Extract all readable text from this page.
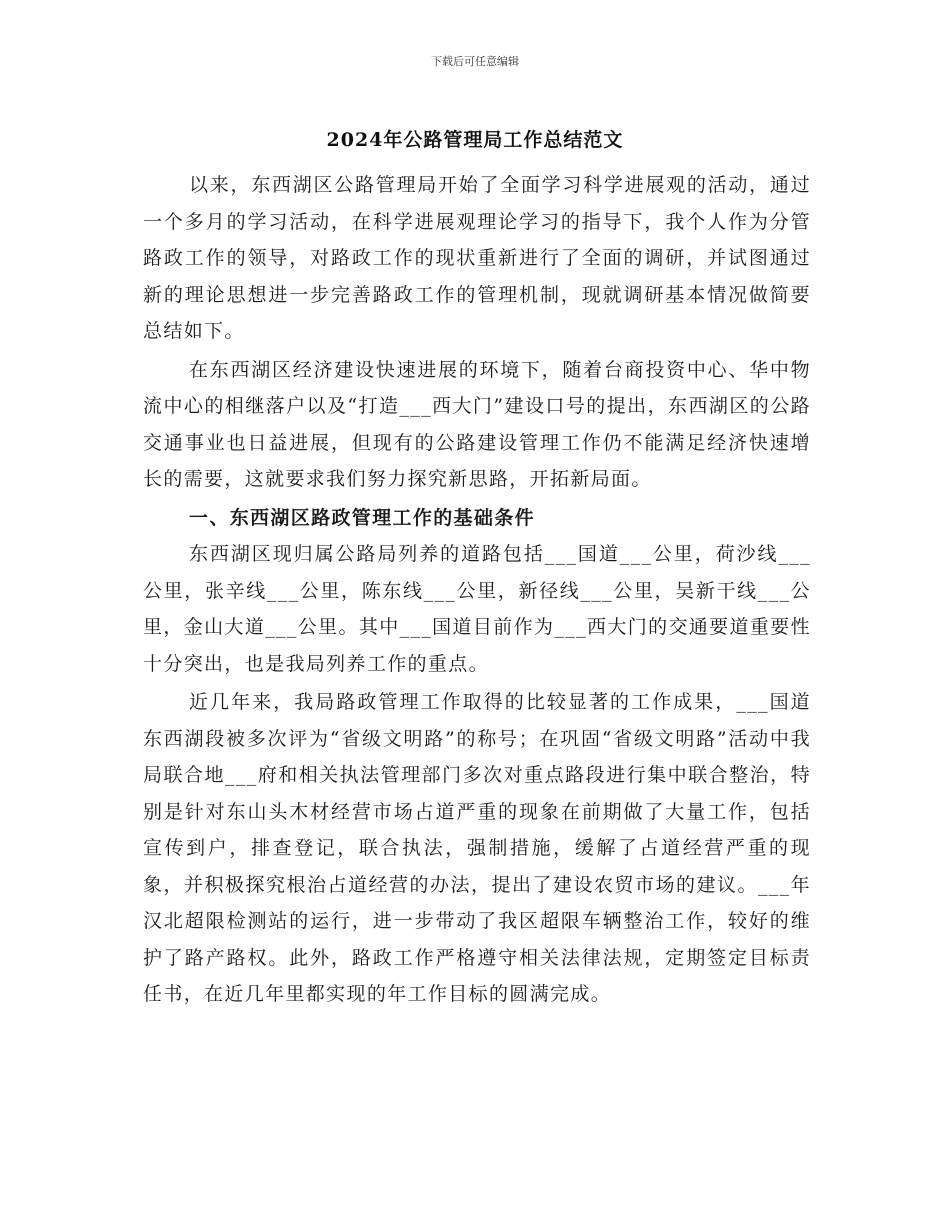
下载后可任意编辑
2024年公路管理局工作总结范文

以来，东西湖区公路管理局开始了全面学习科学进展观的活动，通过一个多月的学习活动，在科学进展观理论学习的指导下，我个人作为分管路政工作的领导，对路政工作的现状重新进行了全面的调研，并试图通过新的理论思想进一步完善路政工作的管理机制，现就调研基本情况做简要总结如下。

在东西湖区经济建设快速进展的环境下，随着台商投资中心、华中物流中心的相继落户以及“打造___西大门”建设口号的提出，东西湖区的公路交通事业也日益进展，但现有的公路建设管理工作仍不能满足经济快速增长的需要，这就要求我们努力探究新思路，开拓新局面。

一、东西湖区路政管理工作的基础条件

东西湖区现归属公路局列养的道路包括___国道___公里，荷沙线___公里，张辛线___公里，陈东线___公里，新径线___公里，吴新干线___公里，金山大道___公里。其中___国道目前作为___西大门的交通要道重要性十分突出，也是我局列养工作的重点。

近几年来，我局路政管理工作取得的比较显著的工作成果，___国道东西湖段被多次评为“省级文明路”的称号；在巩固“省级文明路”活动中我局联合地___府和相关执法管理部门多次对重点路段进行集中联合整治，特别是针对东山头木材经营市场占道严重的现象在前期做了大量工作，包括宣传到户，排查登记，联合执法，强制措施，缓解了占道经营严重的现象，并积极探究根治占道经营的办法，提出了建设农贸市场的建议。___年汉北超限检测站的运行，进一步带动了我区超限车辆整治工作，较好的维护了路产路权。此外，路政工作严格遵守相关法律法规，定期签定目标责任书，在近几年里都实现的年工作目标的圆满完成。
